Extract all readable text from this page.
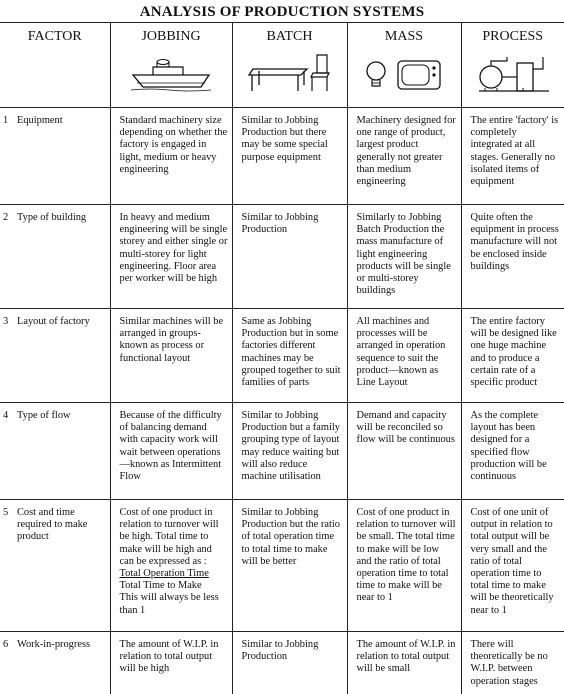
ANALYSIS OF PRODUCTION SYSTEMS
FACTOR	JOBBING	BATCH	MASS	PROCESS

1 Equipment	Standard machinery size depending on whether the factory is engaged in light, medium or heavy engineering	Similar to Jobbing Production but there may be some special purpose equipment	Machinery designed for one range of product, largest product generally not greater than medium engineering	The entire 'factory' is completely integrated at all stages. Generally no isolated items of equipment

2 Type of building	In heavy and medium engineering will be single storey and either single or multi-storey for light engineering. Floor area per worker will be high	Similar to Jobbing Production	Similarly to Jobbing Batch Production the mass manufacture of light engineering products will be single or multi-storey buildings	Quite often the equipment in process manufacture will not be enclosed inside buildings

3 Layout of factory	Similar machines will be arranged in groups-known as process or functional layout	Same as Jobbing Production but in some factories different machines may be grouped together to suit families of parts	All machines and processes will be arranged in operation sequence to suit the product—known as Line Layout	The entire factory will be designed like one huge machine and to produce a certain rate of a specific product

4 Type of flow	Because of the difficulty of balancing demand with capacity work will wait between operations—known as Intermittent Flow	Similar to Jobbing Production but a family grouping type of layout may reduce waiting but will also reduce machine utilisation	Demand and capacity will be reconciled so flow will be continuous	As the complete layout has been designed for a specified flow production will be continuous

5 Cost and time required to make product	Cost of one product in relation to turnover will be high. Total time to make will be high and can be expressed as :
Total Operation Time
Total Time to Make
This will always be less than 1	Similar to Jobbing Production but the ratio of total operation time to total time to make will be better	Cost of one product in relation to turnover will be small. The total time to make will be low and the ratio of total operation time to total time to make will be near to 1	Cost of one unit of output in relation to total output will be very small and the ratio of total operation time to total time to make will be theoretically near to 1

6 Work-in-progress	The amount of W.I.P. in relation to total output will be high	Similar to Jobbing Production	The amount of W.I.P. in relation to total output will be small	There will theoretically be no W.I.P. between operation stages
